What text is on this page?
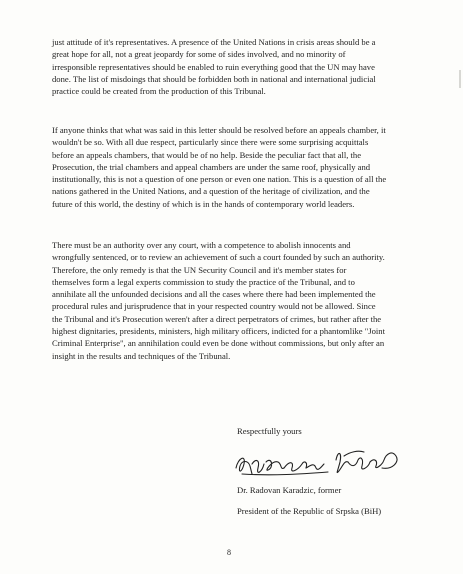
just attitude of it's representatives. A presence of the United Nations in crisis areas should be a
great hope for all, not a great jeopardy for some of sides involved, and no minority of
irresponsible representatives should be enabled to ruin everything good that the UN may have
done. The list of misdoings that should be forbidden both in national and international judicial
practice could be created from the production of this Tribunal.

If anyone thinks that what was said in this letter should be resolved before an appeals chamber, it
wouldn't be so. With all due respect, particularly since there were some surprising acquittals
before an appeals chambers, that would be of no help. Beside the peculiar fact that all, the
Prosecution, the trial chambers and appeal chambers are under the same roof, physically and
institutionally, this is not a question of one person or even one nation. This is a question of all the
nations gathered in the United Nations, and a question of the heritage of civilization, and the
future of this world, the destiny of which is in the hands of contemporary world leaders.

There must be an authority over any court, with a competence to abolish innocents and
wrongfully sentenced, or to review an achievement of such a court founded by such an authority.
Therefore, the only remedy is that the UN Security Council and it's member states for
themselves form a legal experts commission to study the practice of the Tribunal, and to
annihilate all the unfounded decisions and all the cases where there had been implemented the
procedural rules and jurisprudence that in your respected country would not be allowed. Since
the Tribunal and it's Prosecution weren't after a direct perpetrators of crimes, but rather after the
highest dignitaries, presidents, ministers, high military officers, indicted for a phantomlike "Joint
Criminal Enterprise", an annihilation could even be done without commissions, but only after an
insight in the results and techniques of the Tribunal.

Respectfully yours
Dr. Radovan Karadzic, former
President of the Republic of Srpska (BiH)
8
